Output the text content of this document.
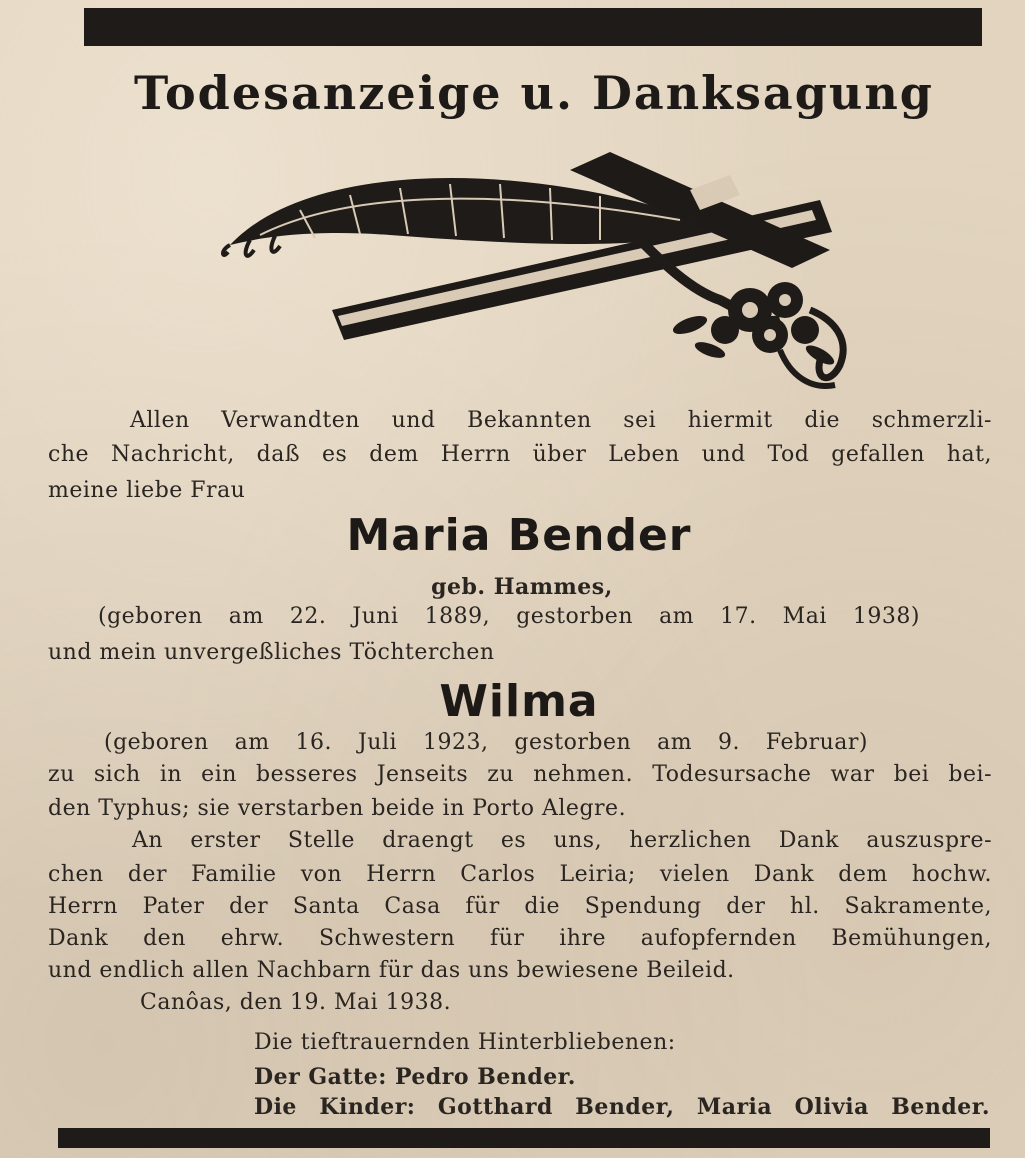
Todesanzeige u. Danksagung
Allen Verwandten und Bekannten sei hiermit die schmerzli-
che Nachricht, daß es dem Herrn über Leben und Tod gefallen hat,
meine liebe Frau
Maria Bender
geb. Hammes,
(geboren am 22. Juni 1889, gestorben am 17. Mai 1938)
und mein unvergeßliches Töchterchen
Wilma
(geboren am 16. Juli 1923, gestorben am 9. Februar)
zu sich in ein besseres Jenseits zu nehmen. Todesursache war bei bei-
den Typhus; sie verstarben beide in Porto Alegre.
An erster Stelle draengt es uns, herzlichen Dank auszuspre-
chen der Familie von Herrn Carlos Leiria; vielen Dank dem hochw.
Herrn Pater der Santa Casa für die Spendung der hl. Sakramente,
Dank den ehrw. Schwestern für ihre aufopfernden Bemühungen,
und endlich allen Nachbarn für das uns bewiesene Beileid.
Canôas, den 19. Mai 1938.
Die tieftrauernden Hinterbliebenen:
Der Gatte: Pedro Bender.
Die Kinder: Gotthard Bender, Maria Olivia Bender.
